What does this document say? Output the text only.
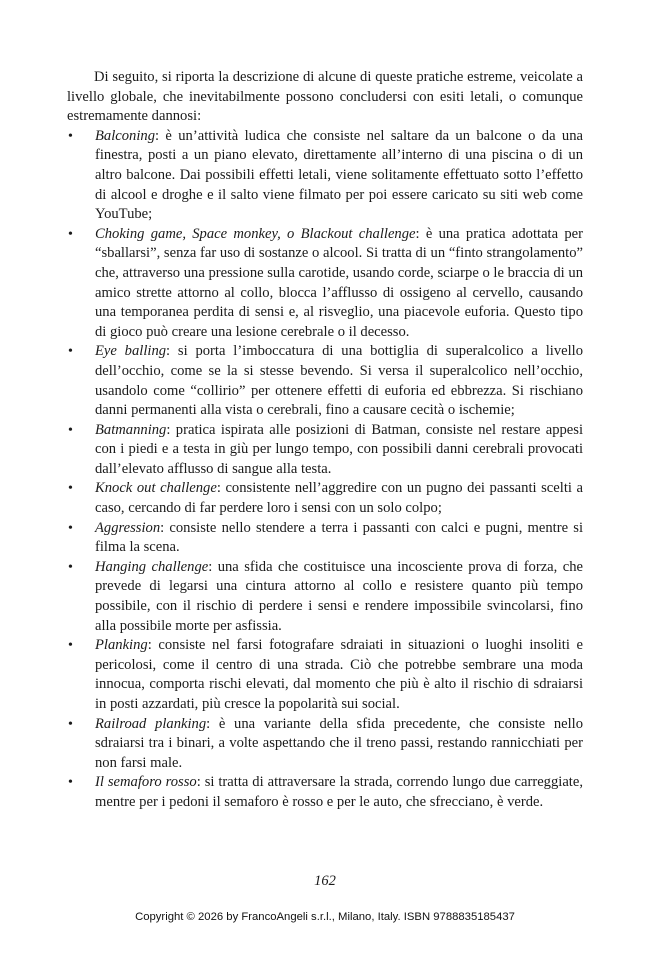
Di seguito, si riporta la descrizione di alcune di queste pratiche estreme, veicolate a livello globale, che inevitabilmente possono concludersi con esiti letali, o comunque estremamente dannosi:

• Balconing: è un’attività ludica che consiste nel saltare da un balcone o da una finestra, posti a un piano elevato, direttamente all’interno di una piscina o di un altro balcone. Dai possibili effetti letali, viene solitamente effettuato sotto l’effetto di alcool e droghe e il salto viene filmato per poi essere caricato su siti web come YouTube;
• Choking game, Space monkey, o Blackout challenge: è una pratica adottata per “sballarsi”, senza far uso di sostanze o alcool. Si tratta di un “finto strangolamento” che, attraverso una pressione sulla carotide, usando corde, sciarpe o le braccia di un amico strette attorno al collo, blocca l’afflusso di ossigeno al cervello, causando una temporanea perdita di sensi e, al risveglio, una piacevole euforia. Questo tipo di gioco può creare una lesione cerebrale o il decesso.
• Eye balling: si porta l’imboccatura di una bottiglia di superalcolico a livello dell’occhio, come se la si stesse bevendo. Si versa il superalcolico nell’occhio, usandolo come “collirio” per ottenere effetti di euforia ed ebbrezza. Si rischiano danni permanenti alla vista o cerebrali, fino a causare cecità o ischemie;
• Batmanning: pratica ispirata alle posizioni di Batman, consiste nel restare appesi con i piedi e a testa in giù per lungo tempo, con possibili danni cerebrali provocati dall’elevato afflusso di sangue alla testa.
• Knock out challenge: consistente nell’aggredire con un pugno dei passanti scelti a caso, cercando di far perdere loro i sensi con un solo colpo;
• Aggression: consiste nello stendere a terra i passanti con calci e pugni, mentre si filma la scena.
• Hanging challenge: una sfida che costituisce una incosciente prova di forza, che prevede di legarsi una cintura attorno al collo e resistere quanto più tempo possibile, con il rischio di perdere i sensi e rendere impossibile svincolarsi, fino alla possibile morte per asfissia.
• Planking: consiste nel farsi fotografare sdraiati in situazioni o luoghi insoliti e pericolosi, come il centro di una strada. Ciò che potrebbe sembrare una moda innocua, comporta rischi elevati, dal momento che più è alto il rischio di sdraiarsi in posti azzardati, più cresce la popolarità sui social.
• Railroad planking: è una variante della sfida precedente, che consiste nello sdraiarsi tra i binari, a volte aspettando che il treno passi, restando rannicchiati per non farsi male.
• Il semaforo rosso: si tratta di attraversare la strada, correndo lungo due carreggiate, mentre per i pedoni il semaforo è rosso e per le auto, che sfrecciano, è verde.
162
Copyright © 2026 by FrancoAngeli s.r.l., Milano, Italy. ISBN 9788835185437
